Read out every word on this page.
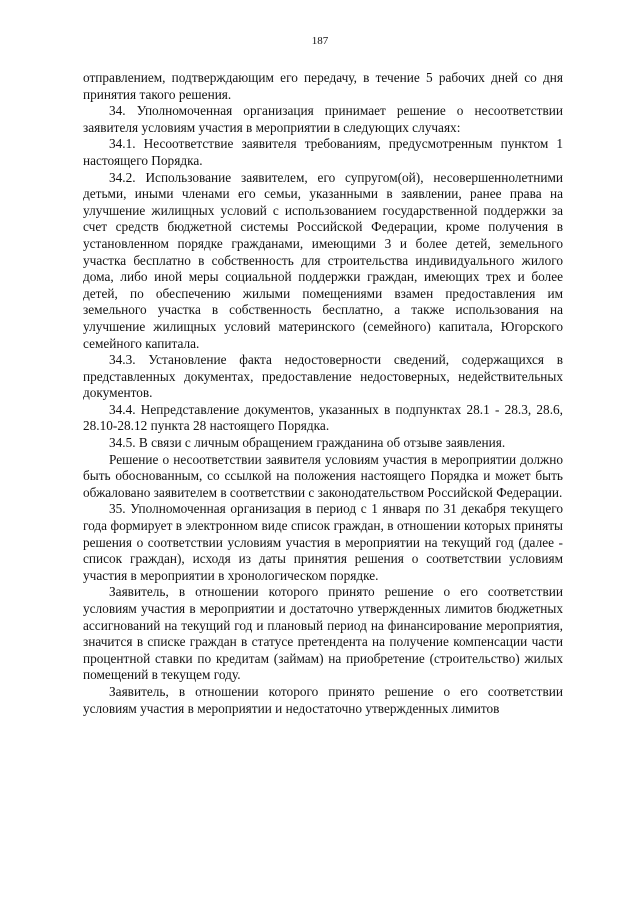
187

отправлением, подтверждающим его передачу, в течение 5 рабочих дней со дня принятия такого решения.

34. Уполномоченная организация принимает решение о несоответствии заявителя условиям участия в мероприятии в следующих случаях:

34.1. Несоответствие заявителя требованиям, предусмотренным пунктом 1 настоящего Порядка.

34.2. Использование заявителем, его супругом(ой), несовершеннолетними детьми, иными членами его семьи, указанными в заявлении, ранее права на улучшение жилищных условий с использованием государственной поддержки за счет средств бюджетной системы Российской Федерации, кроме получения в установленном порядке гражданами, имеющими 3 и более детей, земельного участка бесплатно в собственность для строительства индивидуального жилого дома, либо иной меры социальной поддержки граждан, имеющих трех и более детей, по обеспечению жилыми помещениями взамен предоставления им земельного участка в собственность бесплатно, а также использования на улучшение жилищных условий материнского (семейного) капитала, Югорского семейного капитала.

34.3. Установление факта недостоверности сведений, содержащихся в представленных документах, предоставление недостоверных, недействительных документов.

34.4. Непредставление документов, указанных в подпунктах 28.1 - 28.3, 28.6, 28.10-28.12 пункта 28 настоящего Порядка.

34.5. В связи с личным обращением гражданина об отзыве заявления.

Решение о несоответствии заявителя условиям участия в мероприятии должно быть обоснованным, со ссылкой на положения настоящего Порядка и может быть обжаловано заявителем в соответствии с законодательством Российской Федерации.

35. Уполномоченная организация в период с 1 января по 31 декабря текущего года формирует в электронном виде список граждан, в отношении которых приняты решения о соответствии условиям участия в мероприятии на текущий год (далее - список граждан), исходя из даты принятия решения о соответствии условиям участия в мероприятии в хронологическом порядке.

Заявитель, в отношении которого принято решение о его соответствии условиям участия в мероприятии и достаточно утвержденных лимитов бюджетных ассигнований на текущий год и плановый период на финансирование мероприятия, значится в списке граждан в статусе претендента на получение компенсации части процентной ставки по кредитам (займам) на приобретение (строительство) жилых помещений в текущем году.

Заявитель, в отношении которого принято решение о его соответствии условиям участия в мероприятии и недостаточно утвержденных лимитов
